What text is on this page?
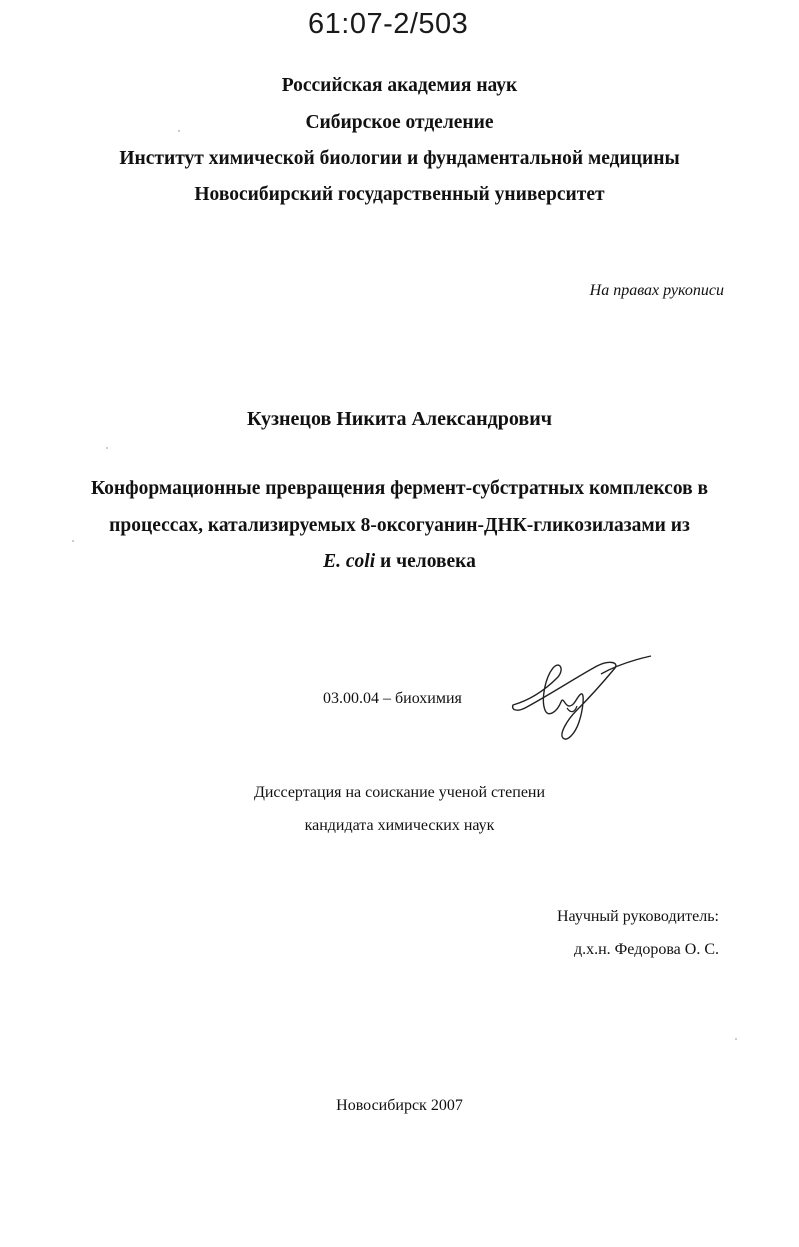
61:07-2/503
Российская академия наук
Сибирское отделение
Институт химической биологии и фундаментальной медицины
Новосибирский государственный университет
На правах рукописи
Кузнецов Никита Александрович
Конформационные превращения фермент-субстратных комплексов в
процессах, катализируемых 8-оксогуанин-ДНК-гликозилазами из
E. coli и человека
03.00.04 – биохимия
Диссертация на соискание ученой степени
кандидата химических наук
Научный руководитель:
д.х.н. Федорова О. С.
Новосибирск 2007
